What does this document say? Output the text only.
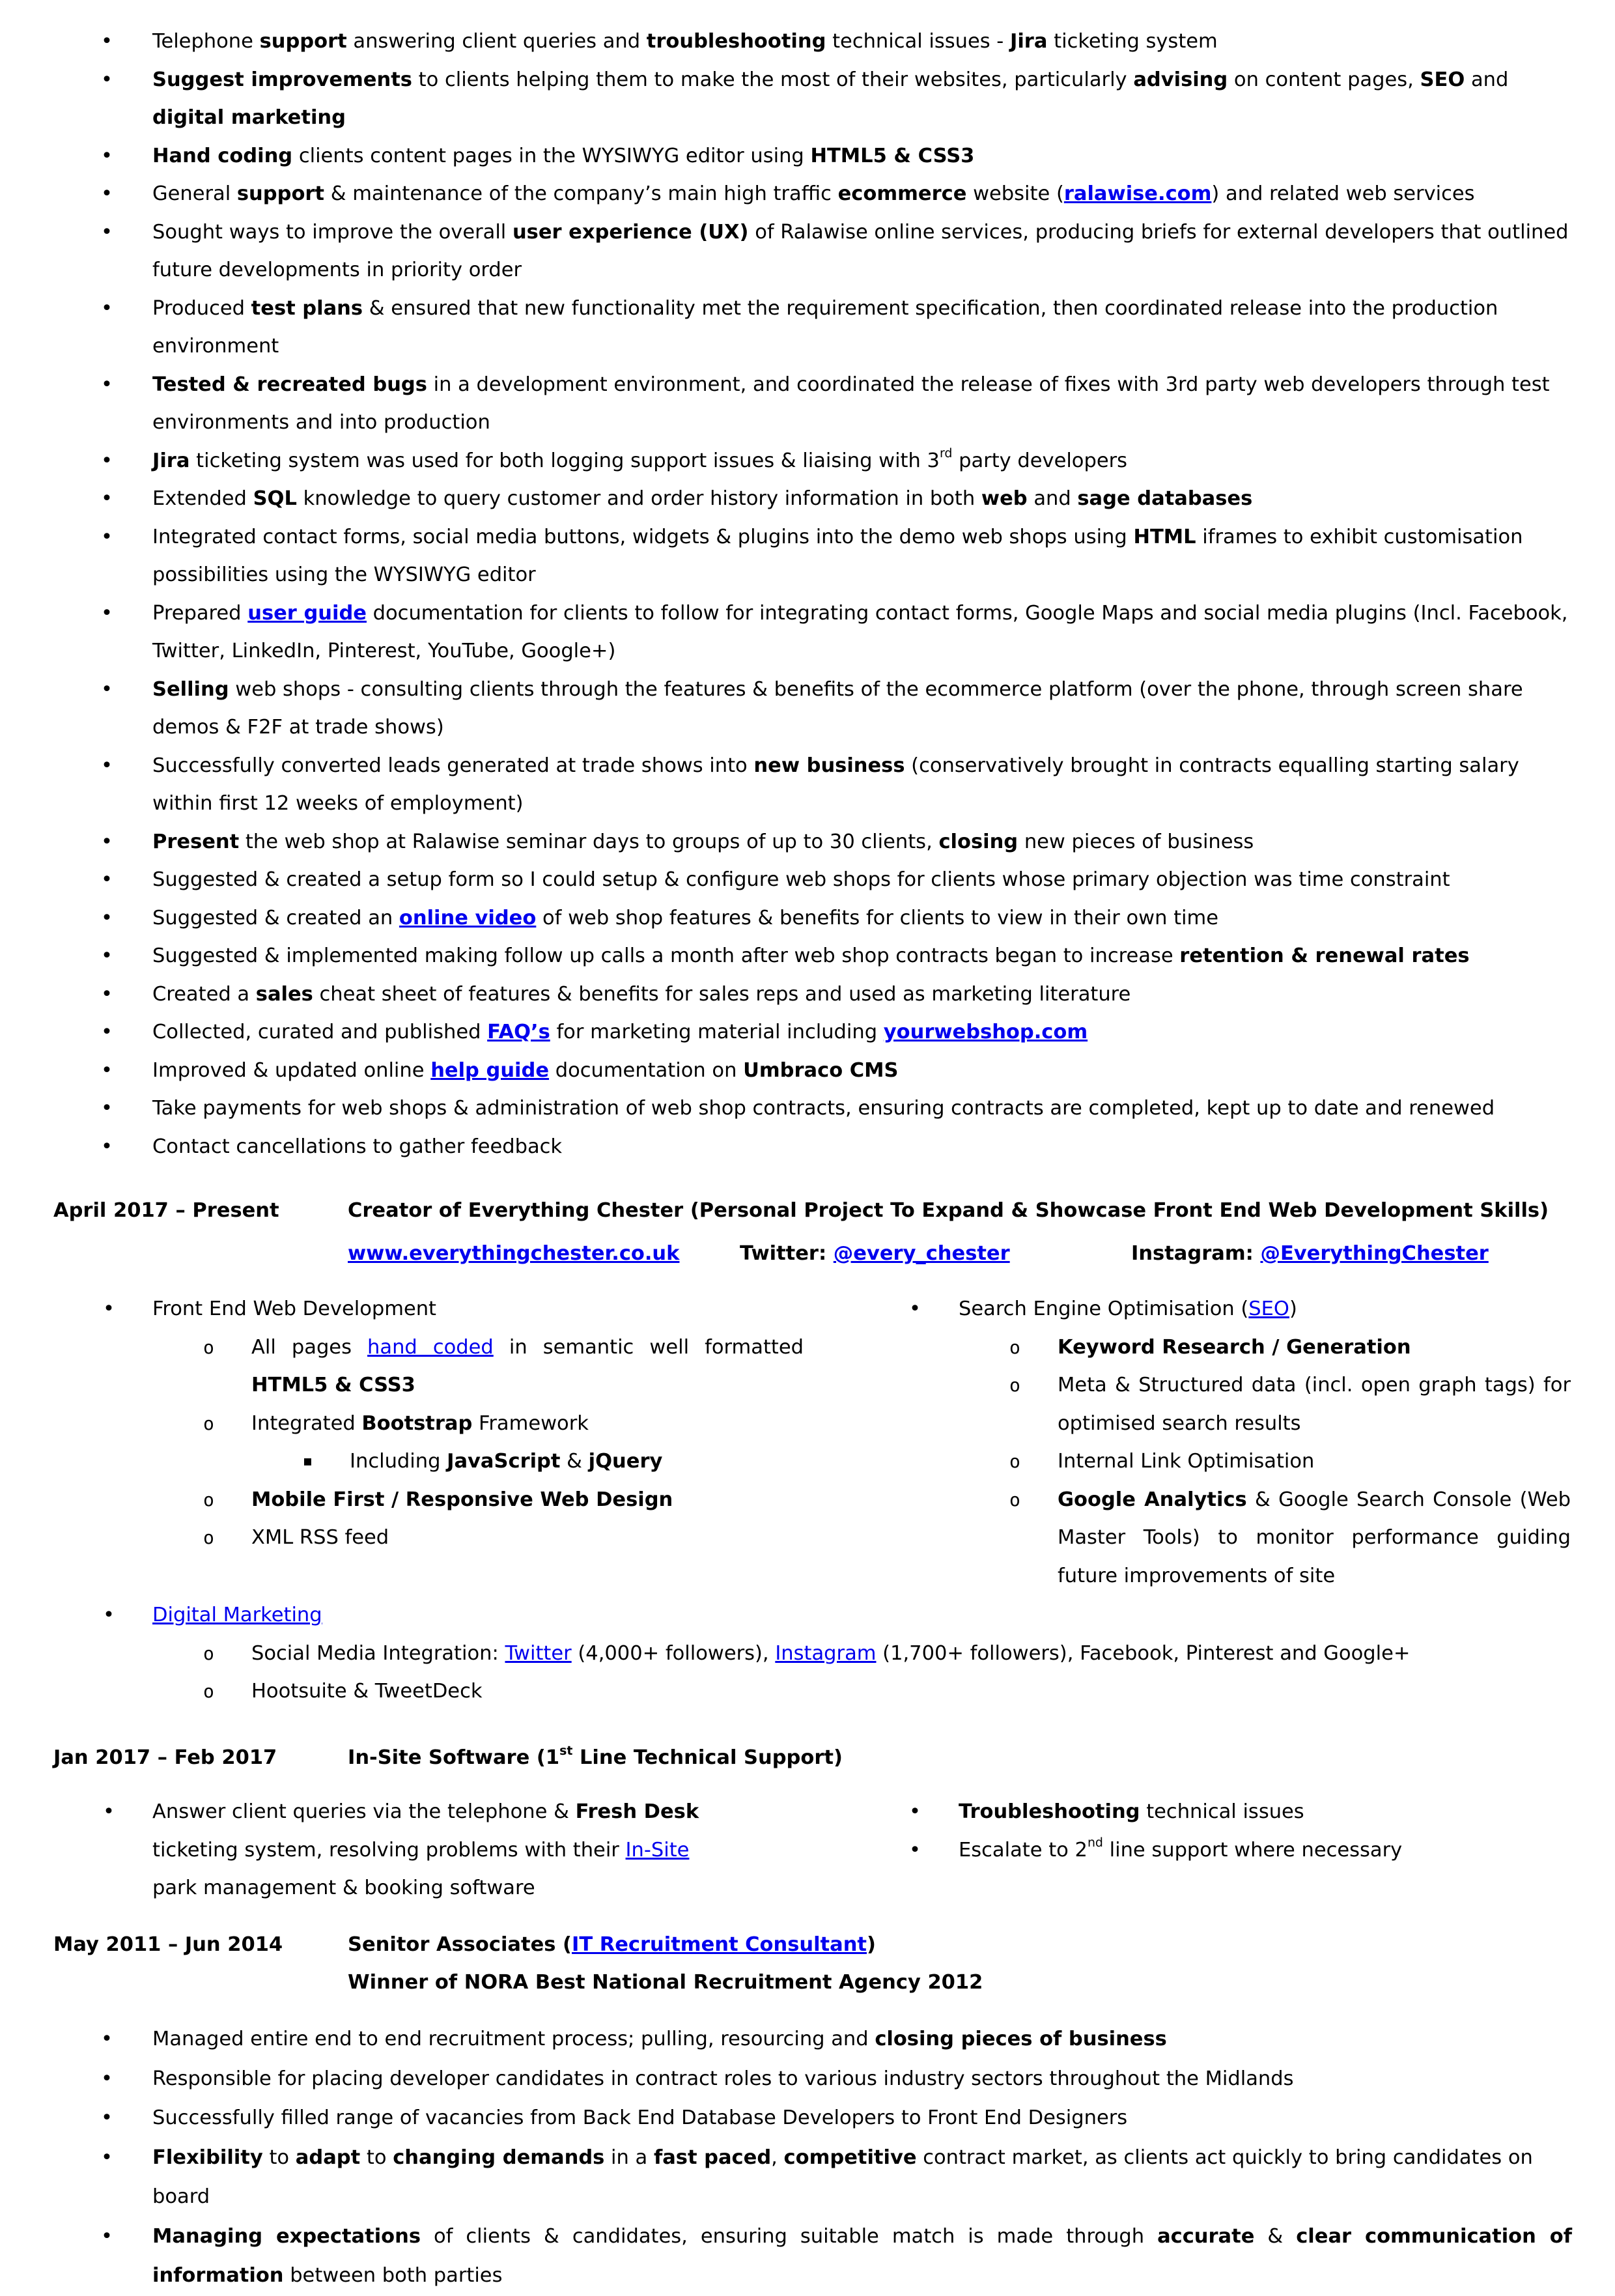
• Telephone support answering client queries and troubleshooting technical issues - Jira ticketing system
• Suggest improvements to clients helping them to make the most of their websites, particularly advising on content pages, SEO and digital marketing
• Hand coding clients content pages in the WYSIWYG editor using HTML5 & CSS3
• General support & maintenance of the company’s main high traffic ecommerce website (ralawise.com) and related web services
• Sought ways to improve the overall user experience (UX) of Ralawise online services, producing briefs for external developers that outlined future developments in priority order
• Produced test plans & ensured that new functionality met the requirement specification, then coordinated release into the production environment
• Tested & recreated bugs in a development environment, and coordinated the release of fixes with 3rd party web developers through test environments and into production
• Jira ticketing system was used for both logging support issues & liaising with 3rd party developers
• Extended SQL knowledge to query customer and order history information in both web and sage databases
• Integrated contact forms, social media buttons, widgets & plugins into the demo web shops using HTML iframes to exhibit customisation possibilities using the WYSIWYG editor
• Prepared user guide documentation for clients to follow for integrating contact forms, Google Maps and social media plugins (Incl. Facebook, Twitter, LinkedIn, Pinterest, YouTube, Google+)
• Selling web shops - consulting clients through the features & benefits of the ecommerce platform (over the phone, through screen share demos & F2F at trade shows)
• Successfully converted leads generated at trade shows into new business (conservatively brought in contracts equalling starting salary within first 12 weeks of employment)
• Present the web shop at Ralawise seminar days to groups of up to 30 clients, closing new pieces of business
• Suggested & created a setup form so I could setup & configure web shops for clients whose primary objection was time constraint
• Suggested & created an online video of web shop features & benefits for clients to view in their own time
• Suggested & implemented making follow up calls a month after web shop contracts began to increase retention & renewal rates
• Created a sales cheat sheet of features & benefits for sales reps and used as marketing literature
• Collected, curated and published FAQ’s for marketing material including yourwebshop.com
• Improved & updated online help guide documentation on Umbraco CMS
• Take payments for web shops & administration of web shop contracts, ensuring contracts are completed, kept up to date and renewed
• Contact cancellations to gather feedback
April 2017 – Present	Creator of Everything Chester (Personal Project To Expand & Showcase Front End Web Development Skills)
www.everythingchester.co.uk	Twitter: @every_chester	Instagram: @EverythingChester
• Front End Web Development
o All pages hand coded in semantic well formatted HTML5 & CSS3
o Integrated Bootstrap Framework
▪ Including JavaScript & jQuery
o Mobile First / Responsive Web Design
o XML RSS feed
• Search Engine Optimisation (SEO)
o Keyword Research / Generation
o Meta & Structured data (incl. open graph tags) for optimised search results
o Internal Link Optimisation
o Google Analytics & Google Search Console (Web Master Tools) to monitor performance guiding future improvements of site
• Digital Marketing
o Social Media Integration: Twitter (4,000+ followers), Instagram (1,700+ followers), Facebook, Pinterest and Google+
o Hootsuite & TweetDeck
Jan 2017 – Feb 2017	In-Site Software (1st Line Technical Support)
• Answer client queries via the telephone & Fresh Desk
ticketing system, resolving problems with their In-Site
park management & booking software
• Troubleshooting technical issues
• Escalate to 2nd line support where necessary
May 2011 – Jun 2014	Senitor Associates (IT Recruitment Consultant)
Winner of NORA Best National Recruitment Agency 2012
• Managed entire end to end recruitment process; pulling, resourcing and closing pieces of business
• Responsible for placing developer candidates in contract roles to various industry sectors throughout the Midlands
• Successfully filled range of vacancies from Back End Database Developers to Front End Designers
• Flexibility to adapt to changing demands in a fast paced, competitive contract market, as clients act quickly to bring candidates on board
• Managing expectations of clients & candidates, ensuring suitable match is made through accurate & clear communication of information between both parties
